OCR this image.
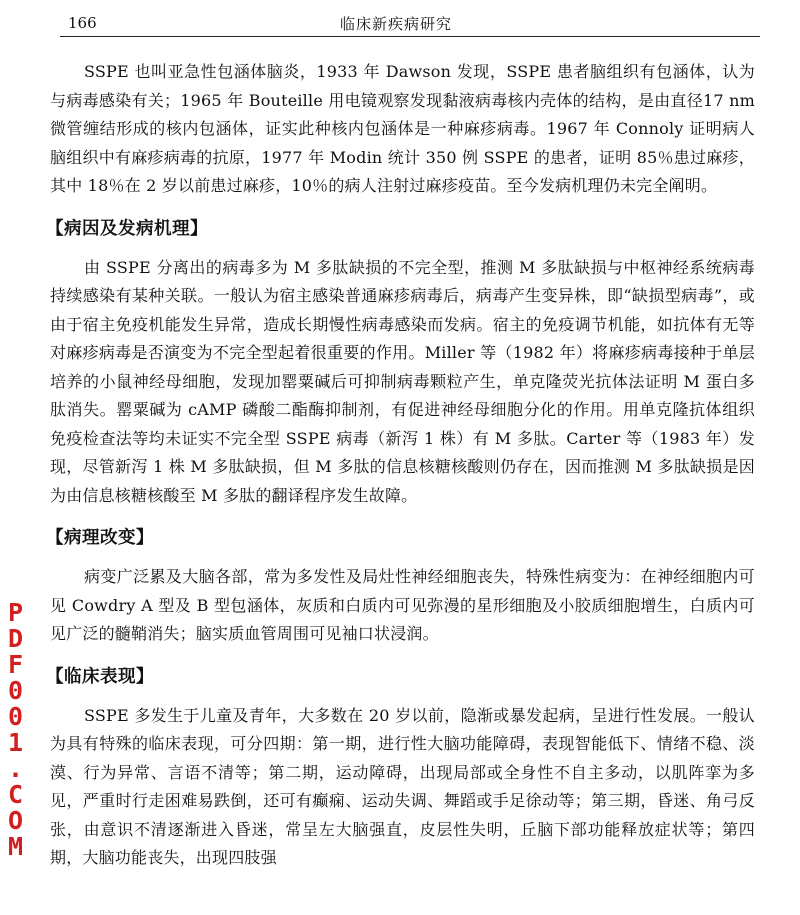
166	临床新疾病研究

SSPE 也叫亚急性包涵体脑炎，1933 年 Dawson 发现，SSPE 患者脑组织有包涵体，认为与病毒感染有关；1965 年 Bouteille 用电镜观察发现黏液病毒核内壳体的结构，是由直径17 nm微管缠结形成的核内包涵体，证实此种核内包涵体是一种麻疹病毒。1967 年 Connoly 证明病人脑组织中有麻疹病毒的抗原，1977 年 Modin 统计 350 例 SSPE 的患者，证明 85％患过麻疹，其中 18％在 2 岁以前患过麻疹，10％的病人注射过麻疹疫苗。至今发病机理仍未完全阐明。

【病因及发病机理】

由 SSPE 分离出的病毒多为 M 多肽缺损的不完全型，推测 M 多肽缺损与中枢神经系统病毒持续感染有某种关联。一般认为宿主感染普通麻疹病毒后，病毒产生变异株，即“缺损型病毒”，或由于宿主免疫机能发生异常，造成长期慢性病毒感染而发病。宿主的免疫调节机能，如抗体有无等对麻疹病毒是否演变为不完全型起着很重要的作用。Miller 等（1982 年）将麻疹病毒接种于单层培养的小鼠神经母细胞，发现加罂粟碱后可抑制病毒颗粒产生，单克隆荧光抗体法证明 M 蛋白多肽消失。罂粟碱为 cAMP 磷酸二酯酶抑制剂，有促进神经母细胞分化的作用。用单克隆抗体组织免疫检查法等均未证实不完全型 SSPE 病毒（新泻 1 株）有 M 多肽。Carter 等（1983 年）发现，尽管新泻 1 株 M 多肽缺损，但 M 多肽的信息核糖核酸则仍存在，因而推测 M 多肽缺损是因为由信息核糖核酸至 M 多肽的翻译程序发生故障。

【病理改变】

病变广泛累及大脑各部，常为多发性及局灶性神经细胞丧失，特殊性病变为：在神经细胞内可见 Cowdry A 型及 B 型包涵体，灰质和白质内可见弥漫的星形细胞及小胶质细胞增生，白质内可见广泛的髓鞘消失；脑实质血管周围可见袖口状浸润。

【临床表现】

SSPE 多发生于儿童及青年，大多数在 20 岁以前，隐渐或暴发起病，呈进行性发展。一般认为具有特殊的临床表现，可分四期：第一期，进行性大脑功能障碍，表现智能低下、情绪不稳、淡漠、行为异常、言语不清等；第二期，运动障碍，出现局部或全身性不自主多动，以肌阵挛为多见，严重时行走困难易跌倒，还可有癫痫、运动失调、舞蹈或手足徐动等；第三期，昏迷、角弓反张，由意识不清逐渐进入昏迷，常呈左大脑强直，皮层性失明，丘脑下部功能释放症状等；第四期，大脑功能丧失，出现四肢强

PDF001.COM
